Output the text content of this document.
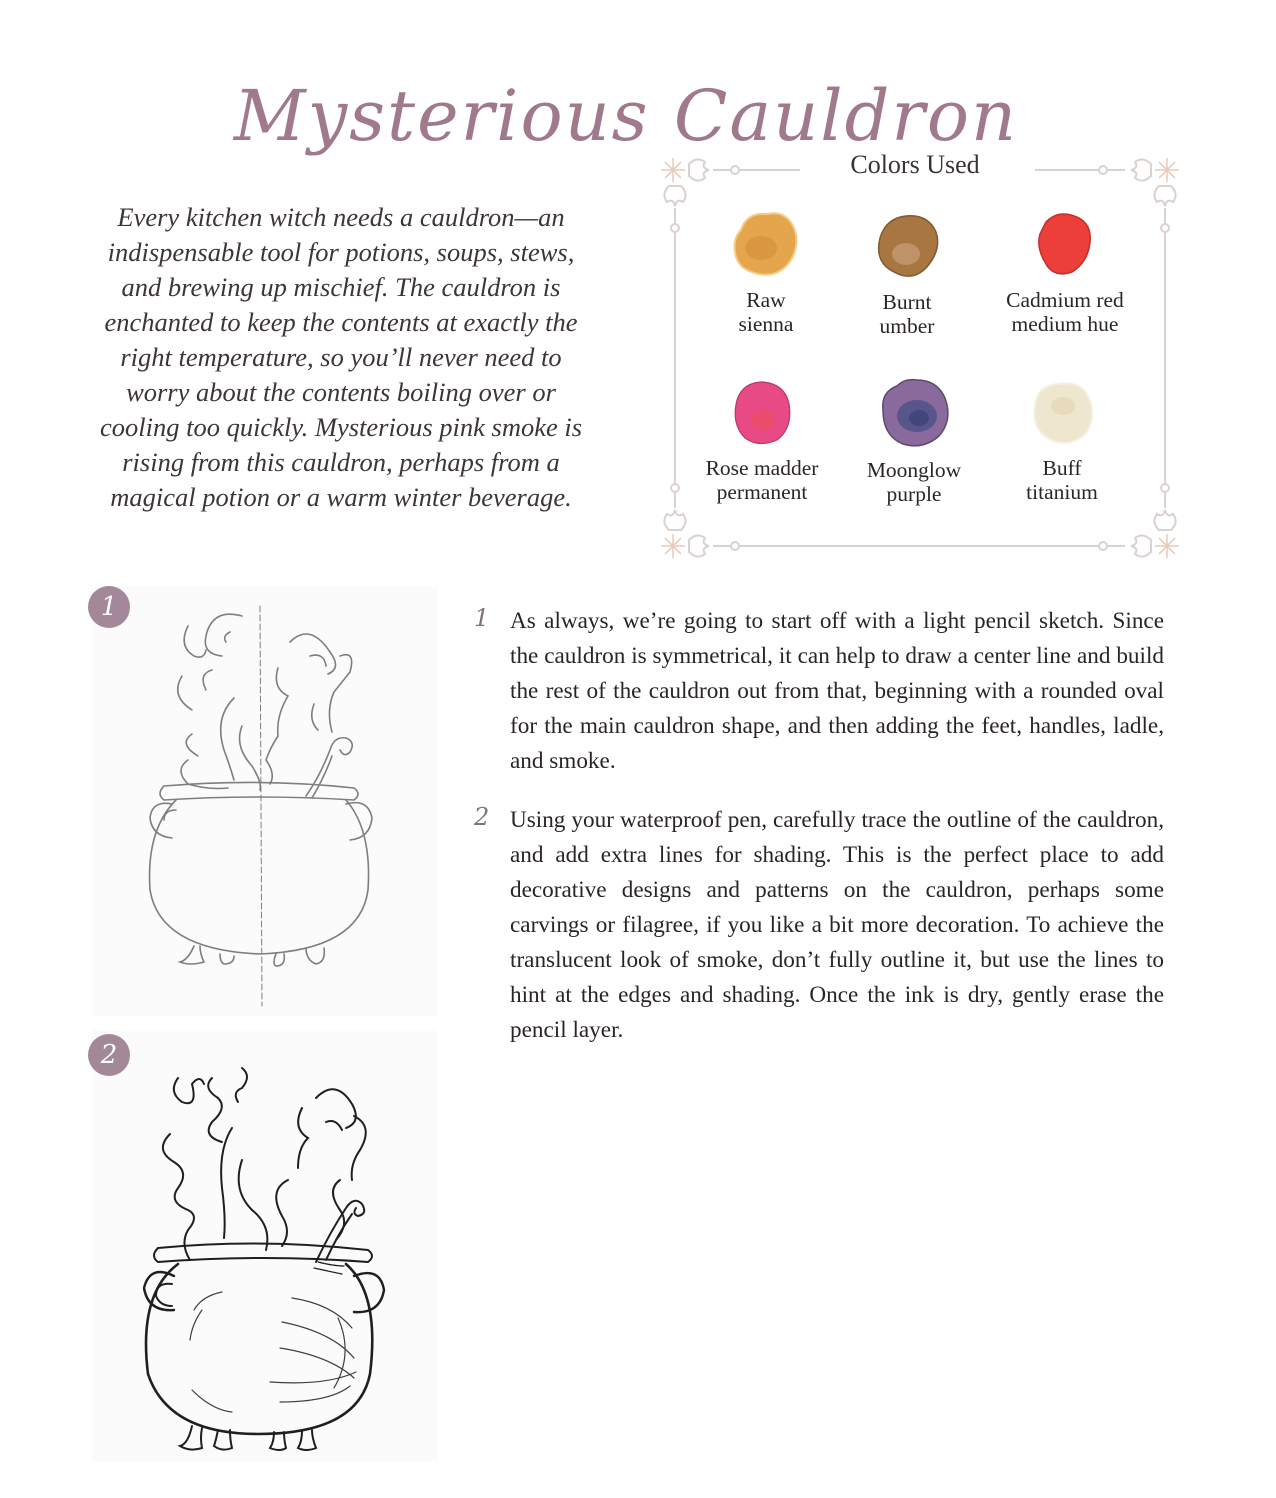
Mysterious Cauldron

Every kitchen witch needs a cauldron—an indispensable tool for potions, soups, stews, and brewing up mischief. The cauldron is enchanted to keep the contents at exactly the right temperature, so you’ll never need to worry about the contents boiling over or cooling too quickly. Mysterious pink smoke is rising from this cauldron, perhaps from a magical potion or a warm winter beverage.

Colors Used
Raw
sienna
Burnt
umber
Cadmium red
medium hue
Rose madder
permanent
Moonglow
purple
Buff
titanium
1
2
1 As always, we’re going to start off with a light pencil sketch. Since the cauldron is symmetrical, it can help to draw a center line and build the rest of the cauldron out from that, beginning with a rounded oval for the main cauldron shape, and then adding the feet, handles, ladle, and smoke.

2 Using your waterproof pen, carefully trace the outline of the cauldron, and add extra lines for shading. This is the perfect place to add decorative designs and patterns on the cauldron, perhaps some carvings or filagree, if you like a bit more decoration. To achieve the translucent look of smoke, don’t fully outline it, but use the lines to hint at the edges and shading. Once the ink is dry, gently erase the pencil layer.
